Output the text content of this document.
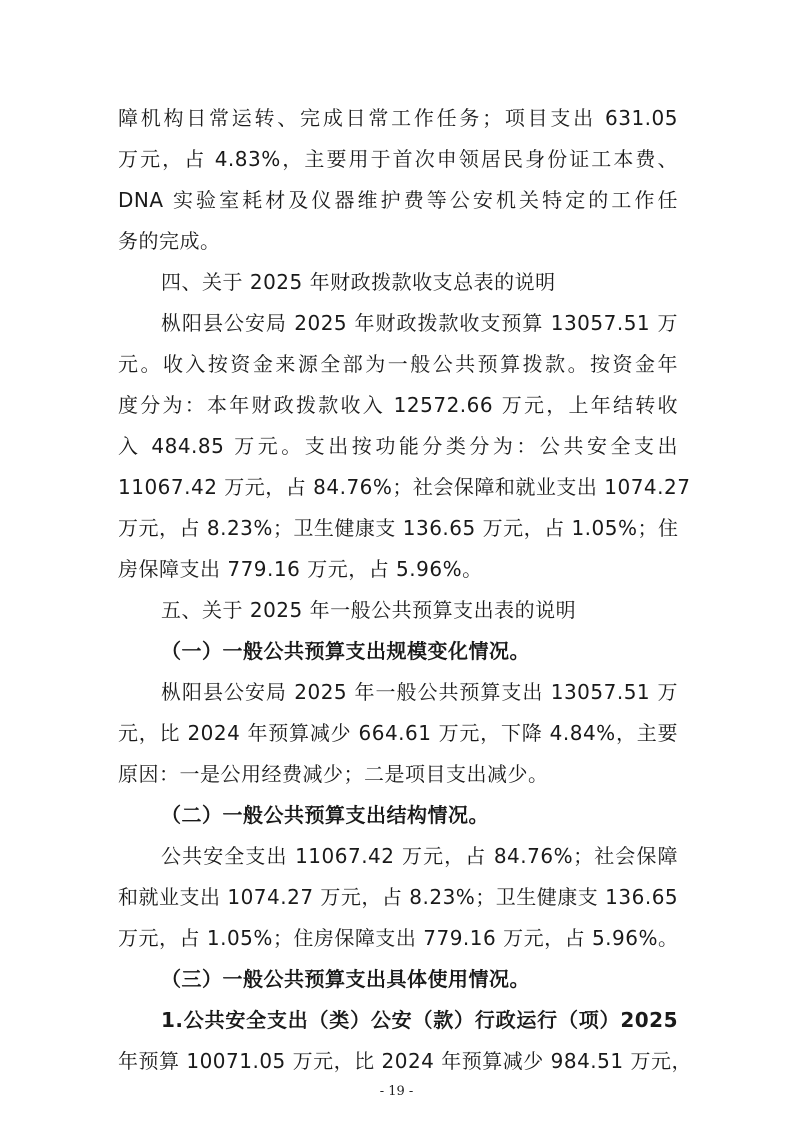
障机构日常运转、完成日常工作任务；项目支出 631.05
万元，占 4.83%，主要用于首次申领居民身份证工本费、
DNA 实验室耗材及仪器维护费等公安机关特定的工作任
务的完成。
四、关于 2025 年财政拨款收支总表的说明
枞阳县公安局 2025 年财政拨款收支预算 13057.51 万
元。收入按资金来源全部为一般公共预算拨款。按资金年
度分为：本年财政拨款收入 12572.66 万元，上年结转收
入 484.85 万元。支出按功能分类分为：公共安全支出
11067.42 万元，占 84.76%；社会保障和就业支出 1074.27
万元，占 8.23%；卫生健康支 136.65 万元，占 1.05%；住
房保障支出 779.16 万元，占 5.96%。
五、关于 2025 年一般公共预算支出表的说明
（一）一般公共预算支出规模变化情况。
枞阳县公安局 2025 年一般公共预算支出 13057.51 万
元，比 2024 年预算减少 664.61 万元，下降 4.84%，主要
原因：一是公用经费减少；二是项目支出减少。
（二）一般公共预算支出结构情况。
公共安全支出 11067.42 万元，占 84.76%；社会保障
和就业支出 1074.27 万元，占 8.23%；卫生健康支 136.65
万元，占 1.05%；住房保障支出 779.16 万元，占 5.96%。
（三）一般公共预算支出具体使用情况。
1.公共安全支出（类）公安（款）行政运行（项）2025
年预算 10071.05 万元，比 2024 年预算减少 984.51 万元，
- 19 -
